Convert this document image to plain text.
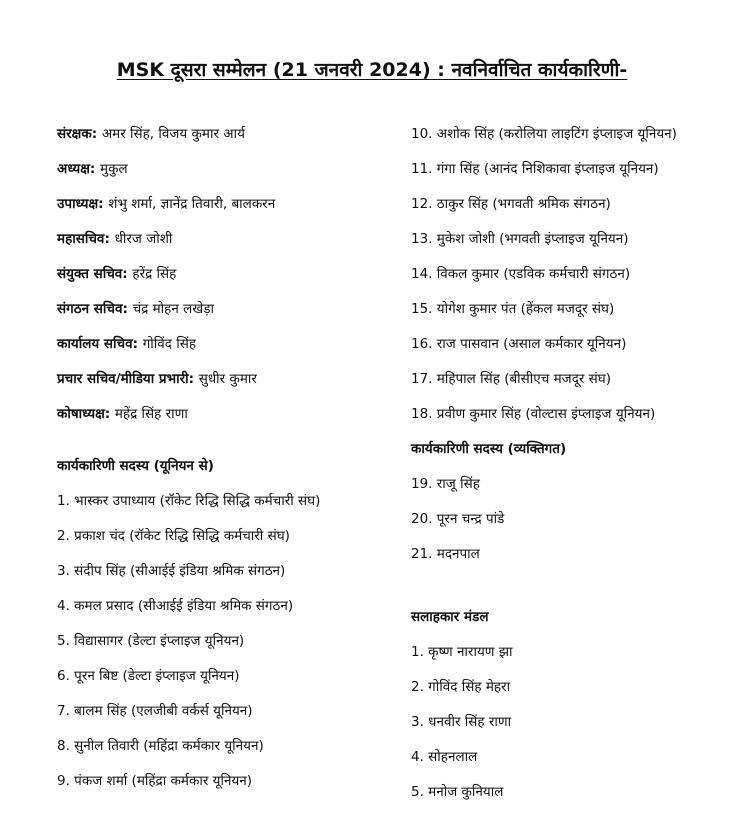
MSK दूसरा सम्मेलन (21 जनवरी 2024) : नवनिर्वाचित कार्यकारिणी-
संरक्षक: अमर सिंह, विजय कुमार आर्य
अध्यक्ष: मुकुल
उपाध्यक्ष: शंभु शर्मा, ज्ञानेंद्र तिवारी, बालकरन
महासचिव: धीरज जोशी
संयुक्त सचिव: हरेंद्र सिंह
संगठन सचिव: चंद्र मोहन लखेड़ा
कार्यालय सचिव: गोविंद सिंह
प्रचार सचिव/मीडिया प्रभारी: सुधीर कुमार
कोषाध्यक्ष: महेंद्र सिंह राणा
कार्यकारिणी सदस्य (यूनियन से)
1. भास्कर उपाध्याय (रॉकेट रिद्धि सिद्धि कर्मचारी संघ)
2. प्रकाश चंद (रॉकेट रिद्धि सिद्धि कर्मचारी संघ)
3. संदीप सिंह (सीआईई इंडिया श्रमिक संगठन)
4. कमल प्रसाद (सीआईई इंडिया श्रमिक संगठन)
5. विद्यासागर (डेल्टा इंप्लाइज यूनियन)
6. पूरन बिष्ट (डेल्टा इंप्लाइज यूनियन)
7. बालम सिंह (एलजीबी वर्कर्स यूनियन)
8. सुनील तिवारी (महिंद्रा कर्मकार यूनियन)
9. पंकज शर्मा (महिंद्रा कर्मकार यूनियन)
10. अशोक सिंह (करोलिया लाइटिंग इंप्लाइज यूनियन)
11. गंगा सिंह (आनंद निशिकावा इंप्लाइज यूनियन)
12. ठाकुर सिंह (भगवती श्रमिक संगठन)
13. मुकेश जोशी (भगवती इंप्लाइज यूनियन)
14. विकल कुमार (एडविक कर्मचारी संगठन)
15. योगेश कुमार पंत (हेंकल मजदूर संघ)
16. राज पासवान (असाल कर्मकार यूनियन)
17. महिपाल सिंह (बीसीएच मजदूर संघ)
18. प्रवीण कुमार सिंह (वोल्टास इंप्लाइज यूनियन)
कार्यकारिणी सदस्य (व्यक्तिगत)
19. राजू सिंह
20. पूरन चन्द्र पांडे
21. मदनपाल
सलाहकार मंडल
1. कृष्ण नारायण झा
2. गोविंद सिंह मेहरा
3. धनवीर सिंह राणा
4. सोहनलाल
5. मनोज कुनियाल
